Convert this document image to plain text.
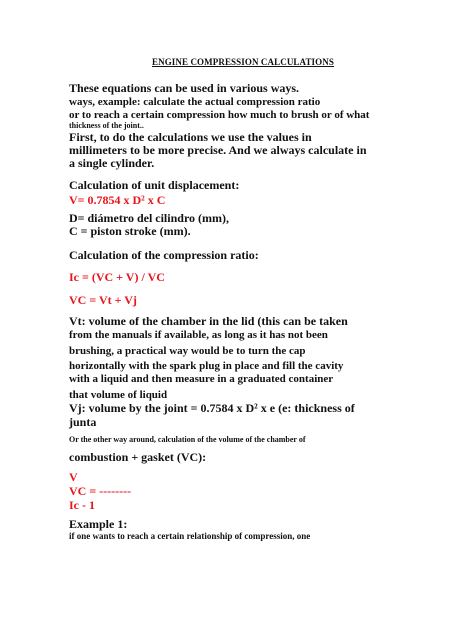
ENGINE COMPRESSION CALCULATIONS
These equations can be used in various ways.
ways, example: calculate the actual compression ratio
or to reach a certain compression how much to brush or of what
thickness of the joint..
First, to do the calculations we use the values in
millimeters to be more precise. And we always calculate in
a single cylinder.
Calculation of unit displacement:
V= 0.7854 x D² x C
D= diámetro del cilindro (mm),
C = piston stroke (mm).
Calculation of the compression ratio:
Ic = (VC + V) / VC
VC = Vt + Vj
Vt: volume of the chamber in the lid (this can be taken
from the manuals if available, as long as it has not been
brushing, a practical way would be to turn the cap
horizontally with the spark plug in place and fill the cavity
with a liquid and then measure in a graduated container
that volume of liquid
Vj: volume by the joint = 0.7584 x D² x e (e: thickness of
junta
Or the other way around, calculation of the volume of the chamber of
combustion + gasket (VC):
V
VC = --------
Ic - 1
Example 1:
if one wants to reach a certain relationship of compression, one
